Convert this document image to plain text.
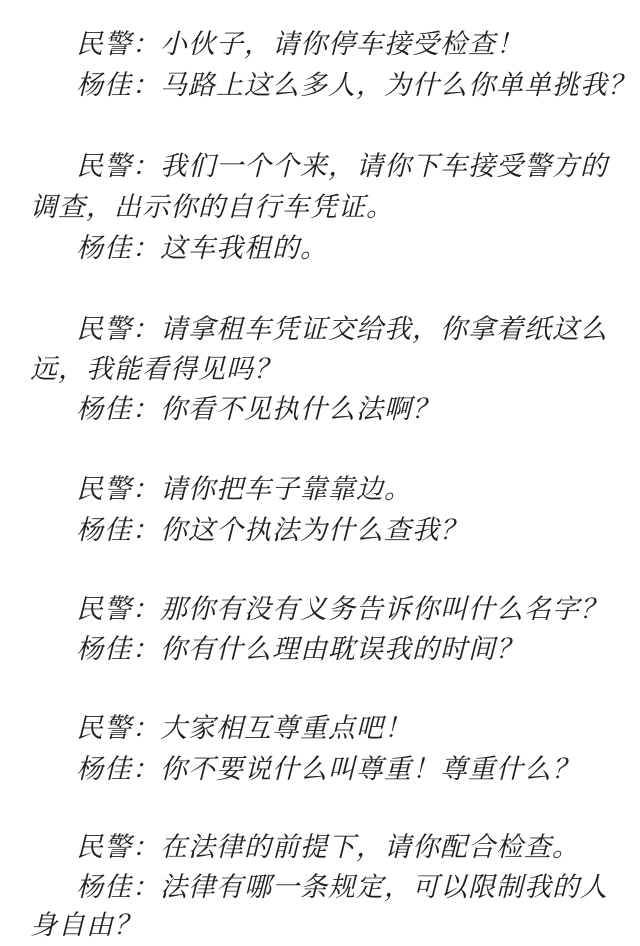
民警：小伙子，请你停车接受检查！
杨佳：马路上这么多人，为什么你单单挑我？
民警：我们一个个来，请你下车接受警方的
调查，出示你的自行车凭证。
杨佳：这车我租的。
民警：请拿租车凭证交给我，你拿着纸这么
远，我能看得见吗？
杨佳：你看不见执什么法啊？
民警：请你把车子靠靠边。
杨佳：你这个执法为什么查我？
民警：那你有没有义务告诉你叫什么名字？
杨佳：你有什么理由耽误我的时间？
民警：大家相互尊重点吧！
杨佳：你不要说什么叫尊重！尊重什么？
民警：在法律的前提下，请你配合检查。
杨佳：法律有哪一条规定，可以限制我的人
身自由？
